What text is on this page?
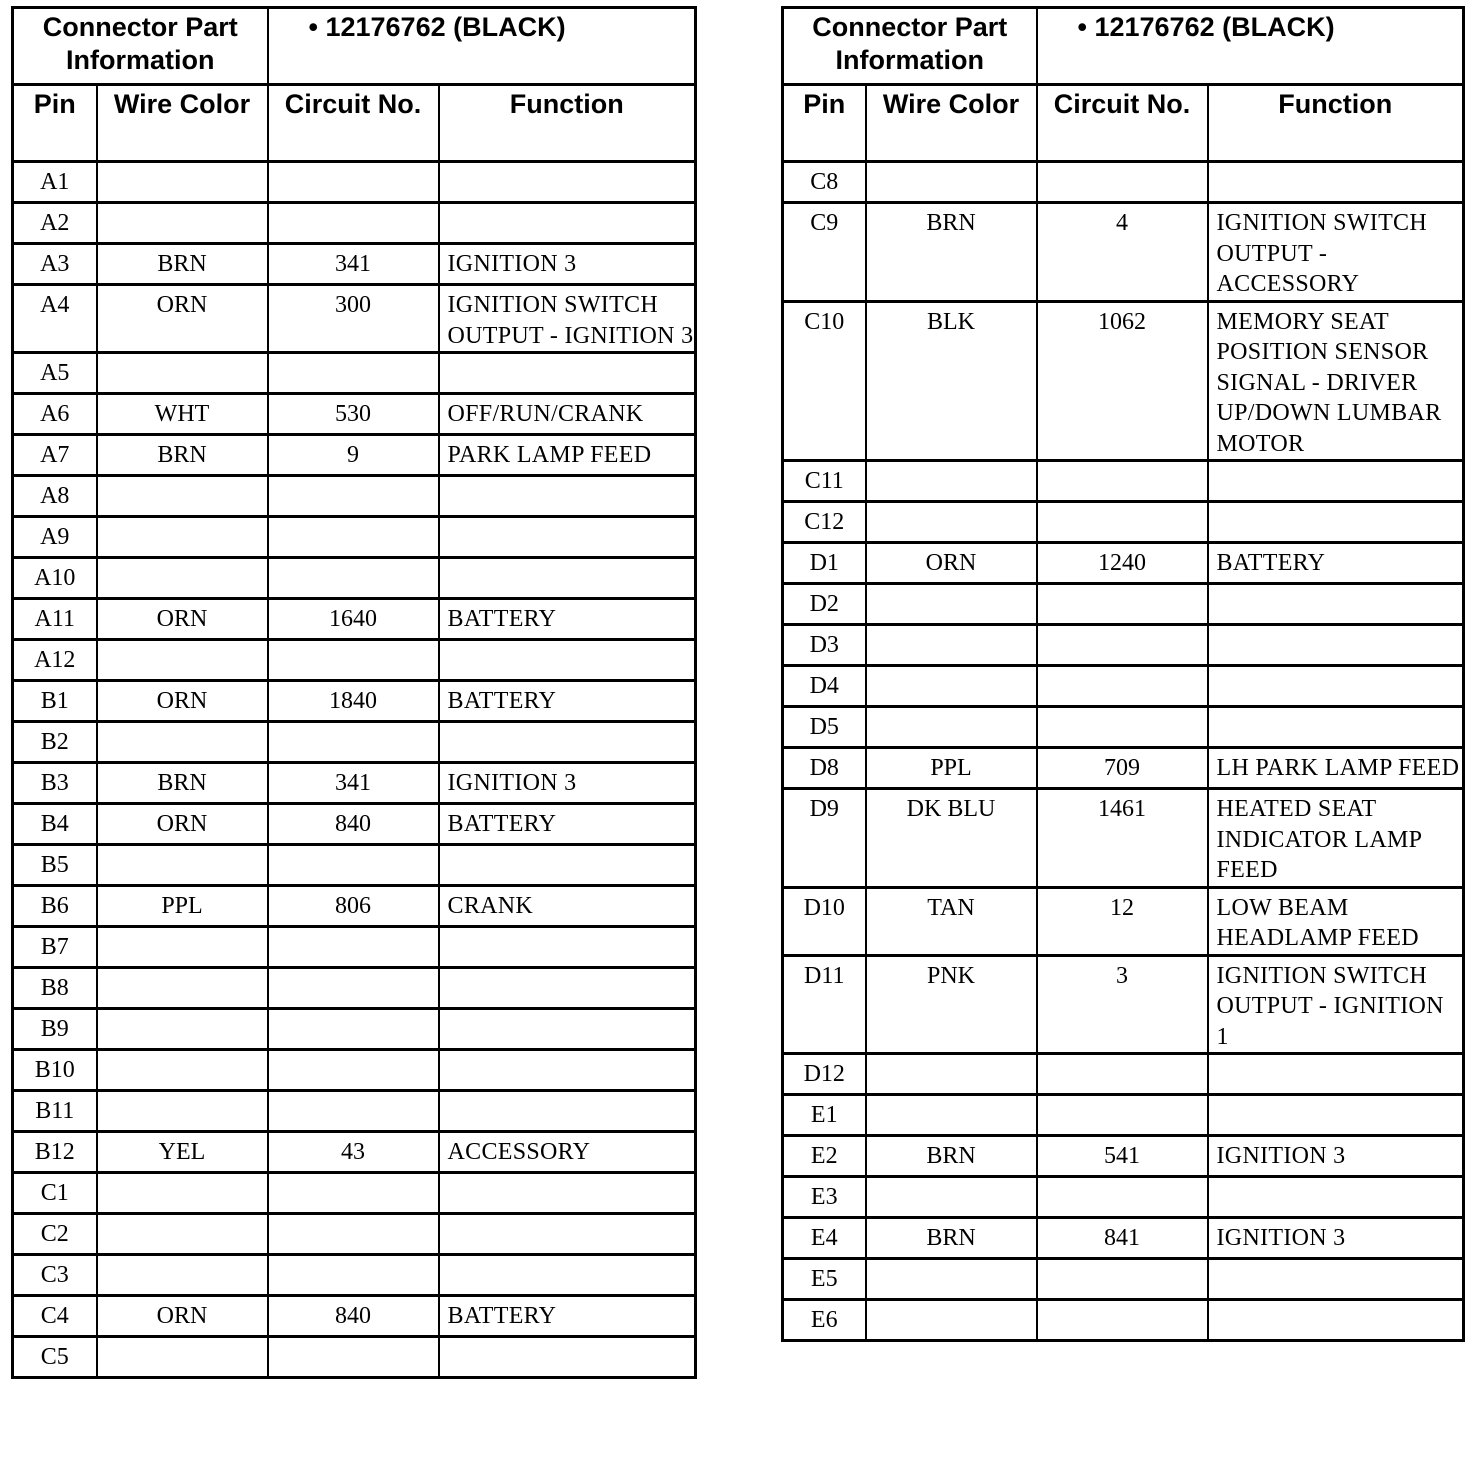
Connector Part Information		• 12176762 (BLACK)	
Pin	Wire Color	Circuit No.	Function
A1			
A2			
A3	BRN	341	IGNITION 3
A4	ORN	300	IGNITION SWITCH OUTPUT - IGNITION 3
A5			
A6	WHT	530	OFF/RUN/CRANK
A7	BRN	9	PARK LAMP FEED
A8			
A9			
A10			
A11	ORN	1640	BATTERY
A12			
B1	ORN	1840	BATTERY
B2			
B3	BRN	341	IGNITION 3
B4	ORN	840	BATTERY
B5			
B6	PPL	806	CRANK
B7			
B8			
B9			
B10			
B11			
B12	YEL	43	ACCESSORY
C1			
C2			
C3			
C4	ORN	840	BATTERY
C5			
Connector Part Information		• 12176762 (BLACK)	
Pin	Wire Color	Circuit No.	Function
C8			
C9	BRN	4	IGNITION SWITCH OUTPUT - ACCESSORY
C10	BLK	1062	MEMORY SEAT POSITION SENSOR SIGNAL - DRIVER UP/DOWN LUMBAR MOTOR
C11			
C12			
D1	ORN	1240	BATTERY
D2			
D3			
D4			
D5			
D8	PPL	709	LH PARK LAMP FEED
D9	DK BLU	1461	HEATED SEAT INDICATOR LAMP FEED
D10	TAN	12	LOW BEAM HEADLAMP FEED
D11	PNK	3	IGNITION SWITCH OUTPUT - IGNITION 1
D12			
E1			
E2	BRN	541	IGNITION 3
E3			
E4	BRN	841	IGNITION 3
E5			
E6			
